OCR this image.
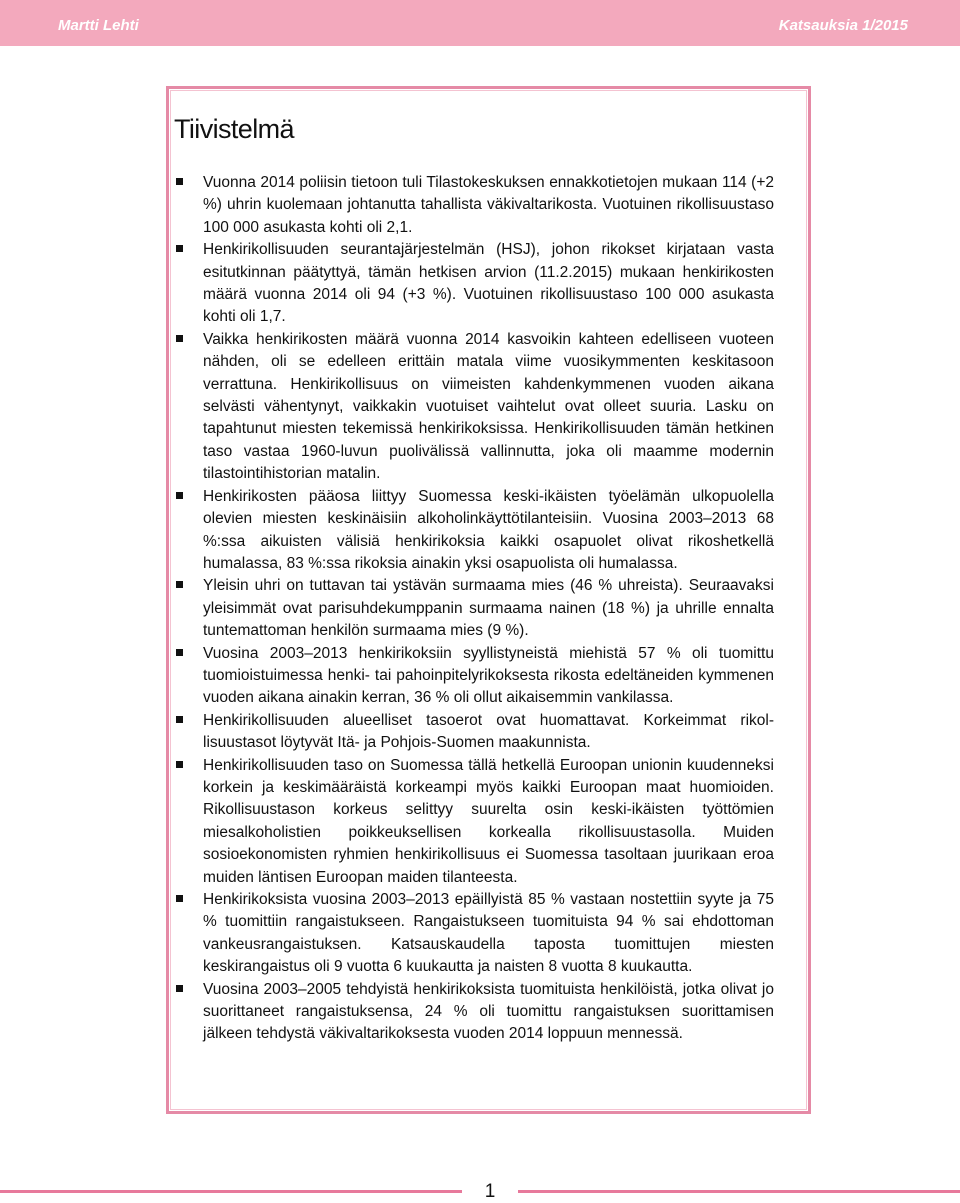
Martti Lehti	Katsauksia 1/2015
Tiivistelmä
Vuonna 2014 poliisin tietoon tuli Tilastokeskuksen ennakkotietojen mukaan 114 (+2 %) uhrin kuolemaan johtanutta tahallista väkivaltarikosta. Vuotuinen rikollisuustaso 100 000 asukasta kohti oli 2,1.
Henkirikollisuuden seurantajärjestelmän (HSJ), johon rikokset kirjataan vasta esitutkinnan päätyttyä, tämän hetkisen arvion (11.2.2015) mukaan henkirikosten määrä vuonna 2014 oli 94 (+3 %). Vuotuinen rikollisuustaso 100 000 asukasta kohti oli 1,7.
Vaikka henkirikosten määrä vuonna 2014 kasvoikin kahteen edelliseen vuoteen nähden, oli se edelleen erittäin matala viime vuosikymmenten keskitasoon verrattuna. Henkirikollisuus on viimeisten kahdenkymmenen vuoden aikana selvästi vähentynyt, vaikkakin vuotuiset vaihtelut ovat olleet suuria. Lasku on tapahtunut miesten tekemissä henkirikoksissa. Henkirikollisuuden tämän hetkinen taso vastaa 1960-luvun puolivälissä vallinnutta, joka oli maamme modernin tilastointihistorian matalin.
Henkirikosten pääosa liittyy Suomessa keski-ikäisten työelämän ulkopuolella olevien miesten keskinäisiin alkoholinkäyttötilanteisiin. Vuosina 2003–2013 68 %:ssa aikuisten välisiä henkirikoksia kaikki osapuolet olivat rikoshetkellä humalassa, 83 %:ssa rikoksia ainakin yksi osapuolista oli humalassa.
Yleisin uhri on tuttavan tai ystävän surmaama mies (46 % uhreista). Seuraavaksi yleisimmät ovat parisuhdekumppanin surmaama nainen (18 %) ja uhrille ennalta tuntemattoman henkilön surmaama mies (9 %).
Vuosina 2003–2013 henkirikoksiin syyllistyneistä miehistä 57 % oli tuomittu tuomioistuimessa henki- tai pahoinpitelyrikoksesta rikosta edeltäneiden kymmenen vuoden aikana ainakin kerran, 36 % oli ollut aikaisemmin vankilassa.
Henkirikollisuuden alueelliset tasoerot ovat huomattavat. Korkeimmat rikollisuustasot löytyvät Itä- ja Pohjois-Suomen maakunnista.
Henkirikollisuuden taso on Suomessa tällä hetkellä Euroopan unionin kuudenneksi korkein ja keskimääräistä korkeampi myös kaikki Euroopan maat huomioiden. Rikollisuustason korkeus selittyy suurelta osin keski-ikäisten työttömien miesalkoholistien poikkeuksellisen korkealla rikollisuustasolla. Muiden sosioekonomisten ryhmien henkirikollisuus ei Suomessa tasoltaan juurikaan eroa muiden läntisen Euroopan maiden tilanteesta.
Henkirikoksista vuosina 2003–2013 epäillyistä 85 % vastaan nostettiin syyte ja 75 % tuomittiin rangaistukseen. Rangaistukseen tuomituista 94 % sai ehdottoman vankeusrangaistuksen. Katsauskaudella taposta tuomittujen miesten keskirangaistus oli 9 vuotta 6 kuukautta ja naisten 8 vuotta 8 kuukautta.
Vuosina 2003–2005 tehdyistä henkirikoksista tuomituista henkilöistä, jotka olivat jo suorittaneet rangaistuksensa, 24 % oli tuomittu rangaistuksen suorittamisen jälkeen tehdystä väkivaltarikoksesta vuoden 2014 loppuun mennessä.
1
